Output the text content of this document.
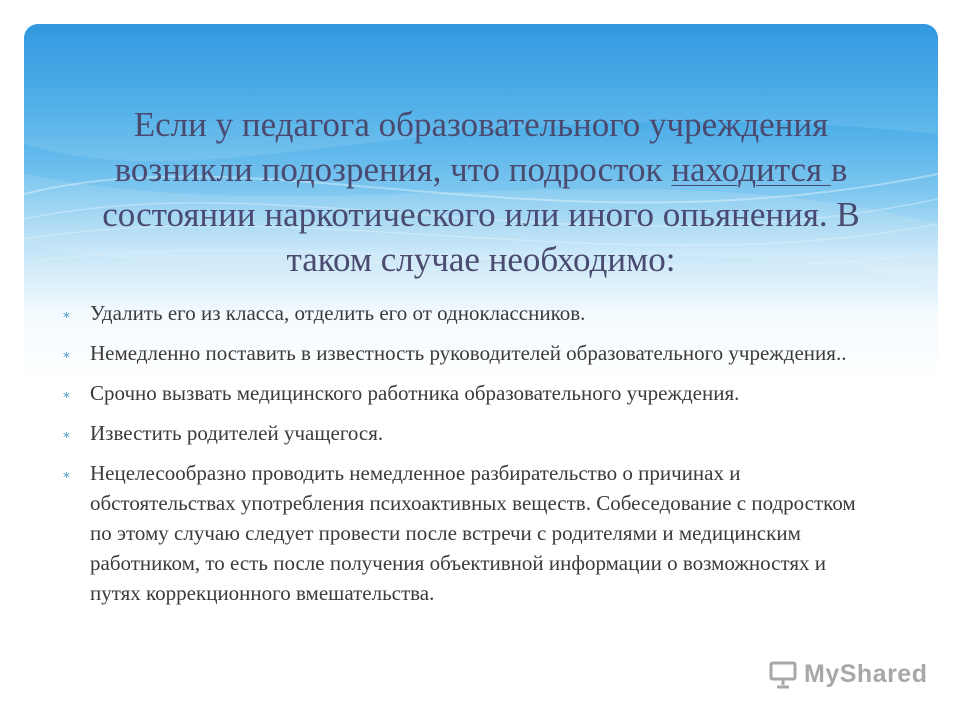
Если у педагога образовательного учреждения возникли подозрения, что подросток находится в состоянии наркотического или иного опьянения. В таком случае необходимо:
∗ Удалить его из класса, отделить его от одноклассников.
∗ Немедленно поставить в известность руководителей образовательного учреждения..
∗ Срочно вызвать медицинского работника образовательного учреждения.
∗ Известить родителей учащегося.
∗ Нецелесообразно проводить немедленное разбирательство о причинах и обстоятельствах употребления психоактивных веществ. Собеседование с подростком по этому случаю следует провести после встречи с родителями и медицинским работником, то есть после получения объективной информации о возможностях и путях коррекционного вмешательства.
MyShared
